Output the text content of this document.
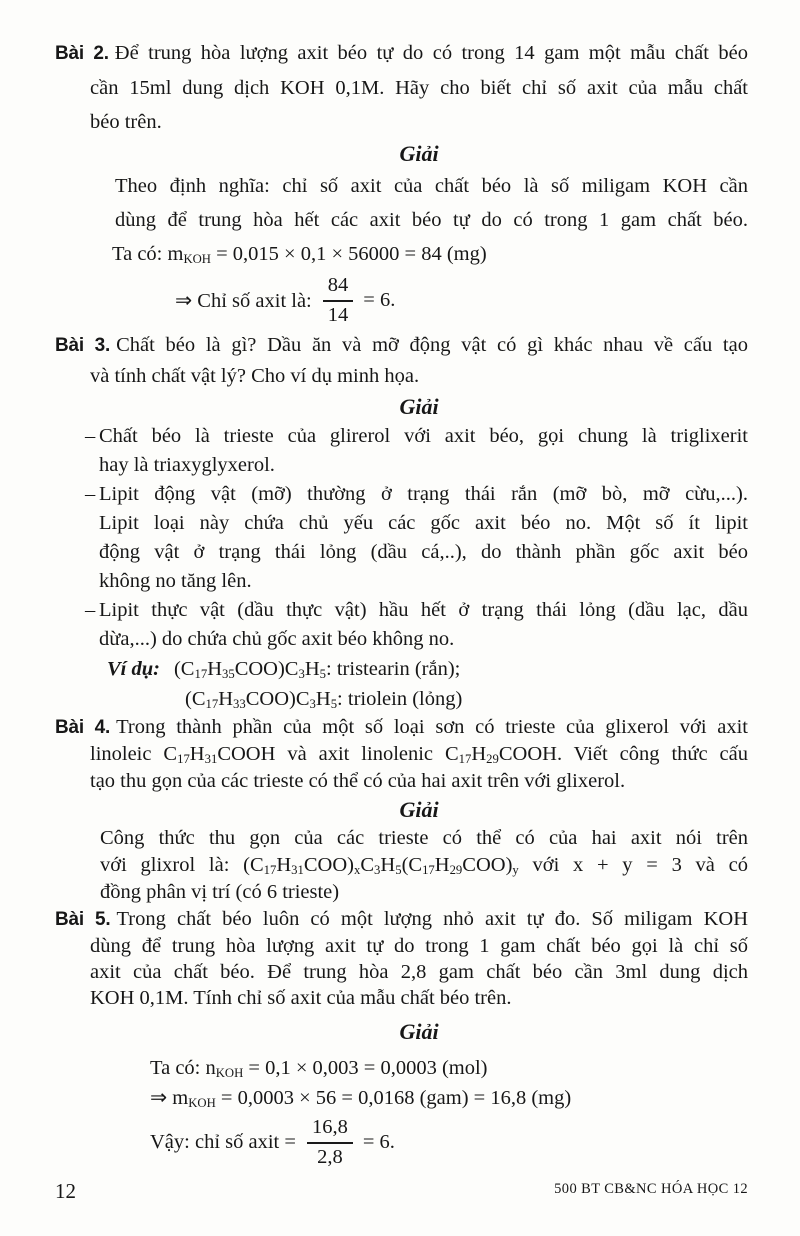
Bài 2. Để trung hòa lượng axit béo tự do có trong 14 gam một mẫu chất béo
cần 15ml dung dịch KOH 0,1M. Hãy cho biết chỉ số axit của mẫu chất
béo trên.
Giải
Theo định nghĩa: chỉ số axit của chất béo là số miligam KOH cần
dùng để trung hòa hết các axit béo tự do có trong 1 gam chất béo.
Ta có: $m_{KOH} = 0,015 \times 0,1 \times 56000 = 84$ (mg)
⇒ Chỉ số axit là: $\frac{84}{14} = 6$.
Bài 3. Chất béo là gì? Dầu ăn và mỡ động vật có gì khác nhau về cấu tạo
và tính chất vật lý? Cho ví dụ minh họa.
Giải
– Chất béo là trieste của glirerol với axit béo, gọi chung là triglixerit
hay là triaxyglyxerol.
– Lipit động vật (mỡ) thường ở trạng thái rắn (mỡ bò, mỡ cừu,...).
Lipit loại này chứa chủ yếu các gốc axit béo no. Một số ít lipit
động vật ở trạng thái lỏng (dầu cá,..), do thành phần gốc axit béo
không no tăng lên.
– Lipit thực vật (dầu thực vật) hầu hết ở trạng thái lỏng (dầu lạc, dầu
dừa,...) do chứa chủ gốc axit béo không no.
Ví dụ: $(C_{17}H_{35}COO)C_3H_5$: tristearin (rắn);
$(C_{17}H_{33}COO)C_3H_5$: triolein (lỏng)
Bài 4. Trong thành phần của một số loại sơn có trieste của glixerol với axit
linoleic $C_{17}H_{31}COOH$ và axit linolenic $C_{17}H_{29}COOH$. Viết công thức cấu
tạo thu gọn của các trieste có thể có của hai axit trên với glixerol.
Giải
Công thức thu gọn của các trieste có thể có của hai axit nói trên
với glixrol là: $(C_{17}H_{31}COO)_xC_3H_5(C_{17}H_{29}COO)_y$ với x + y = 3 và có
đồng phân vị trí (có 6 trieste)
Bài 5. Trong chất béo luôn có một lượng nhỏ axit tự đo. Số miligam KOH
dùng để trung hòa lượng axit tự do trong 1 gam chất béo gọi là chỉ số
axit của chất béo. Để trung hòa 2,8 gam chất béo cần 3ml dung dịch
KOH 0,1M. Tính chỉ số axit của mẫu chất béo trên.
Giải
Ta có: $n_{KOH} = 0,1 \times 0,003 = 0,0003$ (mol)
⇒ $m_{KOH} = 0,0003 \times 56 = 0,0168$ (gam) = 16,8 (mg)
Vậy: chỉ số axit = $\frac{16,8}{2,8} = 6$.
12	500 BT CB&NC HÓA HỌC 12
